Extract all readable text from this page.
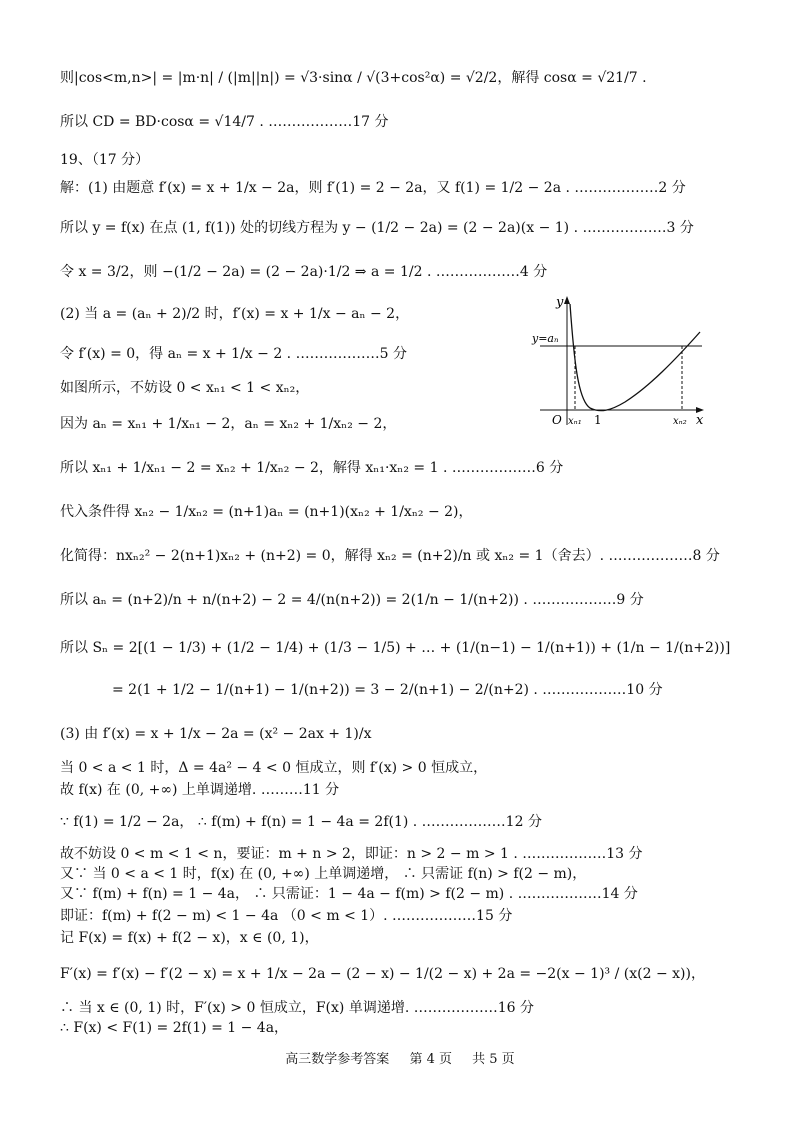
则|cos<m,n>| = |m·n| / (|m||n|) = √3·sinα / √(3+cos²α) = √2/2，解得 cosα = √21/7 .
所以 CD = BD·cosα = √14/7 . ………………17 分
19、（17 分）
解：(1) 由题意 f′(x) = x + 1/x − 2a，则 f′(1) = 2 − 2a，又 f(1) = 1/2 − 2a . ………………2 分
所以 y = f(x) 在点 (1, f(1)) 处的切线方程为 y − (1/2 − 2a) = (2 − 2a)(x − 1) . ………………3 分
令 x = 3/2，则 −(1/2 − 2a) = (2 − 2a)·1/2 ⇒ a = 1/2 . ………………4 分
(2) 当 a = (aₙ + 2)/2 时，f′(x) = x + 1/x − aₙ − 2，
令 f′(x) = 0，得 aₙ = x + 1/x − 2 . ………………5 分
如图所示，不妨设 0 < xₙ₁ < 1 < xₙ₂，
因为 aₙ = xₙ₁ + 1/xₙ₁ − 2，aₙ = xₙ₂ + 1/xₙ₂ − 2，
所以 xₙ₁ + 1/xₙ₁ − 2 = xₙ₂ + 1/xₙ₂ − 2，解得 xₙ₁·xₙ₂ = 1 . ………………6 分
代入条件得 xₙ₂ − 1/xₙ₂ = (n+1)aₙ = (n+1)(xₙ₂ + 1/xₙ₂ − 2)，
化简得：nxₙ₂² − 2(n+1)xₙ₂ + (n+2) = 0，解得 xₙ₂ = (n+2)/n 或 xₙ₂ = 1（舍去）. ………………8 分
所以 aₙ = (n+2)/n + n/(n+2) − 2 = 4/(n(n+2)) = 2(1/n − 1/(n+2)) . ………………9 分
所以 Sₙ = 2[(1 − 1/3) + (1/2 − 1/4) + (1/3 − 1/5) + … + (1/(n−1) − 1/(n+1)) + (1/n − 1/(n+2))]
= 2(1 + 1/2 − 1/(n+1) − 1/(n+2)) = 3 − 2/(n+1) − 2/(n+2) . ………………10 分
(3) 由 f′(x) = x + 1/x − 2a = (x² − 2ax + 1)/x
当 0 < a < 1 时，Δ = 4a² − 4 < 0 恒成立，则 f′(x) > 0 恒成立，
故 f(x) 在 (0, +∞) 上单调递增. ………11 分
∵ f(1) = 1/2 − 2a， ∴ f(m) + f(n) = 1 − 4a = 2f(1) . ………………12 分
故不妨设 0 < m < 1 < n，要证：m + n > 2，即证：n > 2 − m > 1 . ………………13 分
又∵ 当 0 < a < 1 时，f(x) 在 (0, +∞) 上单调递增， ∴ 只需证 f(n) > f(2 − m)，
又∵ f(m) + f(n) = 1 − 4a， ∴ 只需证：1 − 4a − f(m) > f(2 − m) . ………………14 分
即证：f(m) + f(2 − m) < 1 − 4a （0 < m < 1）. ………………15 分
记 F(x) = f(x) + f(2 − x)，x ∈ (0, 1)，
F′(x) = f′(x) − f′(2 − x) = x + 1/x − 2a − (2 − x) − 1/(2 − x) + 2a = −2(x − 1)³ / (x(2 − x))，
∴ 当 x ∈ (0, 1) 时，F′(x) > 0 恒成立，F(x) 单调递增. ………………16 分
∴ F(x) < F(1) = 2f(1) = 1 − 4a，
y
y=aₙ
O xₙ₁ 1	xₙ₂ x
高三数学参考答案 第 4 页 共 5 页
